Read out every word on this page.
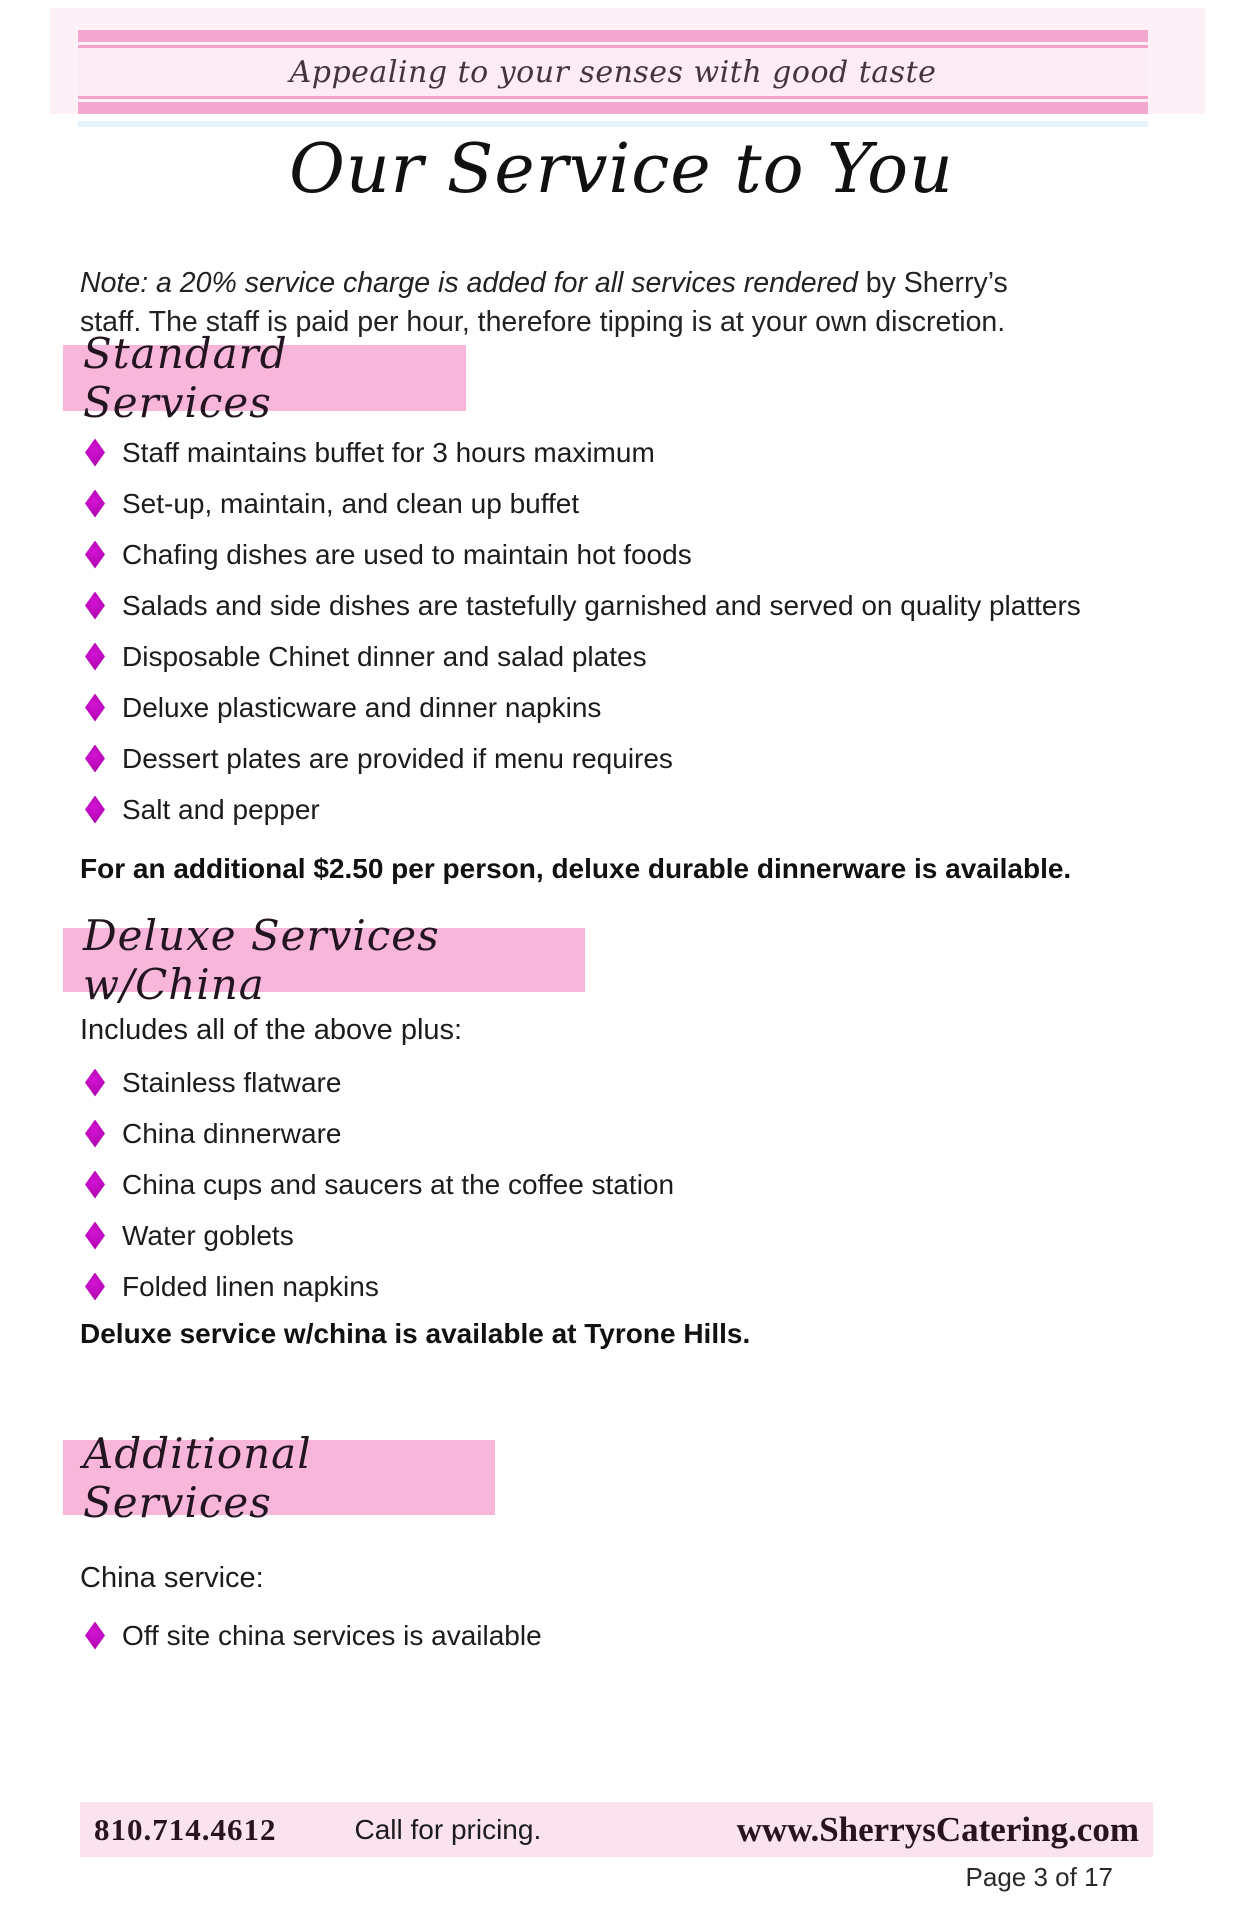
Appealing to your senses with good taste
Our Service to You
Note: a 20% service charge is added for all services rendered by Sherry’s
staff. The staff is paid per hour, therefore tipping is at your own discretion.
Standard Services
Staff maintains buffet for 3 hours maximum
Set-up, maintain, and clean up buffet
Chafing dishes are used to maintain hot foods
Salads and side dishes are tastefully garnished and served on quality platters
Disposable Chinet dinner and salad plates
Deluxe plasticware and dinner napkins
Dessert plates are provided if menu requires
Salt and pepper
For an additional $2.50 per person, deluxe durable dinnerware is available.
Deluxe Services w/China
Includes all of the above plus:
Stainless flatware
China dinnerware
China cups and saucers at the coffee station
Water goblets
Folded linen napkins
Deluxe service w/china is available at Tyrone Hills.
Additional Services
China service:
Off site china services is available
810.714.4612	Call for pricing.	www.SherrysCatering.com
Page 3 of 17
